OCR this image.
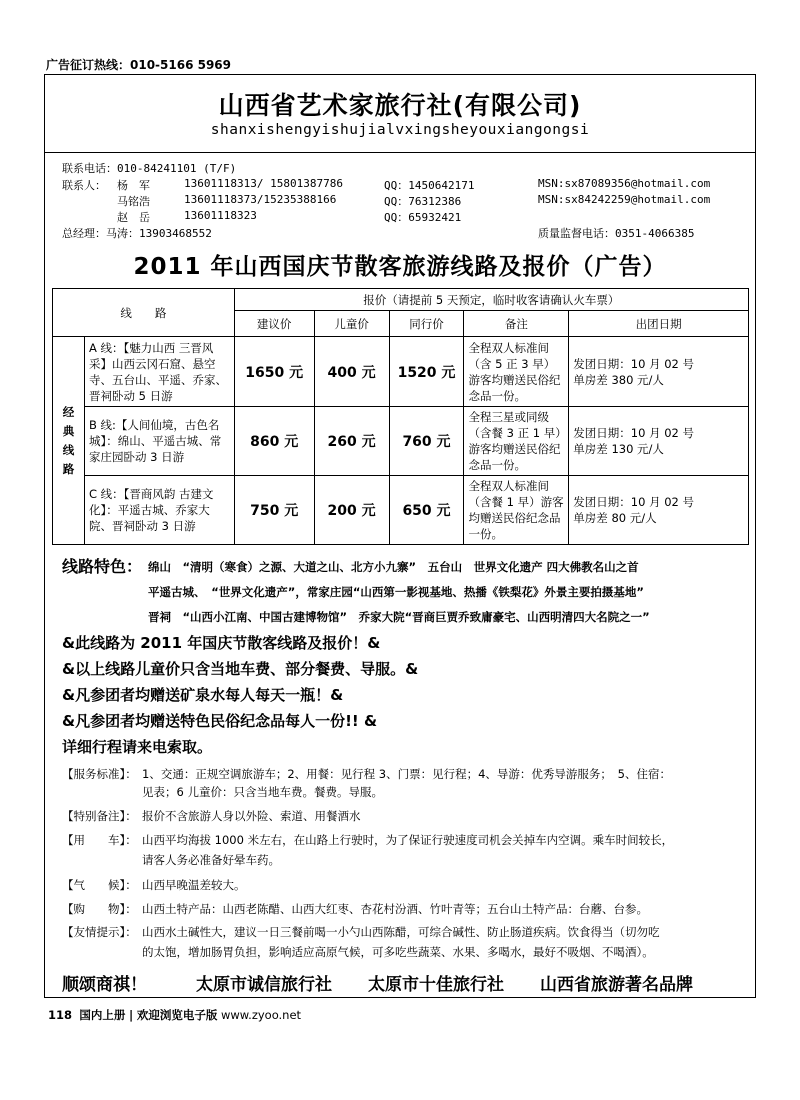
广告征订热线：010-5166 5969
山西省艺术家旅行社(有限公司)
shanxishengyishujialvxingsheyouxiangongsi
联系电话：010-84241101 (T/F)
联系人： 杨　军	13601118313/ 15801387786	QQ：1450642171	MSN:sx87089356@hotmail.com
马铭浩	13601118373/15235388166	QQ：76312386	MSN:sx84242259@hotmail.com
赵　岳	13601118323	QQ：65932421
总经理：马涛：13903468552	质量监督电话：0351-4066385
2011 年山西国庆节散客旅游线路及报价（广告）
线　　路		报价（请提前 5 天预定，临时收客请确认火车票）				
		建议价	儿童价	同行价	备注	出团日期

经典线路	A 线：【魅力山西 三晋风采】山西云冈石窟、悬空寺、五台山、平遥、乔家、晋祠卧动 5 日游	1650 元	400 元	1520 元	全程双人标准间（含 5 正 3 早）游客均赠送民俗纪念品一份。	发团日期：10 月 02 号
单房差 380 元/人

	B 线:【人间仙境，古色名城】：绵山、平遥古城、常家庄园卧动 3 日游	860 元	260 元	760 元	全程三星或同级（含餐 3 正 1 早）游客均赠送民俗纪念品一份。	发团日期：10 月 02 号
单房差 130 元/人

	C 线：【晋商风韵 古建文化】：平遥古城、乔家大院、晋祠卧动 3 日游	750 元	200 元	650 元	全程双人标准间（含餐 1 早）游客均赠送民俗纪念品一份。	发团日期：10 月 02 号
单房差 80 元/人
线路特色： 绵山　“清明（寒食）之源、大道之山、北方小九寨”　五台山　世界文化遗产 四大佛教名山之首
平遥古城、　“世界文化遗产”，常家庄园“山西第一影视基地、热播《铁梨花》外景主要拍摄基地”
晋祠　“山西小江南、中国古建博物馆”　乔家大院“晋商巨贾乔致庸豪宅、山西明清四大名院之一”
&此线路为 2011 年国庆节散客线路及报价！&
&以上线路儿童价只含当地车费、部分餐费、导服。&
&凡参团者均赠送矿泉水每人每天一瓶！&
&凡参团者均赠送特色民俗纪念品每人一份!! &
详细行程请来电索取。
【服务标准】： 1、交通：正规空调旅游车；2、用餐：见行程 3、门票：见行程；4、导游：优秀导游服务；　5、住宿：
见表；6 儿童价：只含当地车费。餐费。导服。
【特别备注】： 报价不含旅游人身以外险、索道、用餐酒水
【用　　车】： 山西平均海拔 1000 米左右，在山路上行驶时，为了保证行驶速度司机会关掉车内空调。乘车时间较长，
请客人务必准备好晕车药。
【气　　候】： 山西早晚温差较大。
【购　　物】： 山西土特产品：山西老陈醋、山西大红枣、杏花村汾酒、竹叶青等；五台山土特产品：台蘑、台参。
【友情提示】： 山西水土碱性大，建议一日三餐前喝一小勺山西陈醋，可综合碱性、防止肠道疾病。饮食得当（切勿吃
的太饱，增加肠胃负担，影响适应高原气候，可多吃些蔬菜、水果、多喝水，最好不吸烟、不喝酒）。
顺颂商祺！	太原市诚信旅行社 太原市十佳旅行社 山西省旅游著名品牌
118 国内上册 | 欢迎浏览电子版 www.zyoo.net
